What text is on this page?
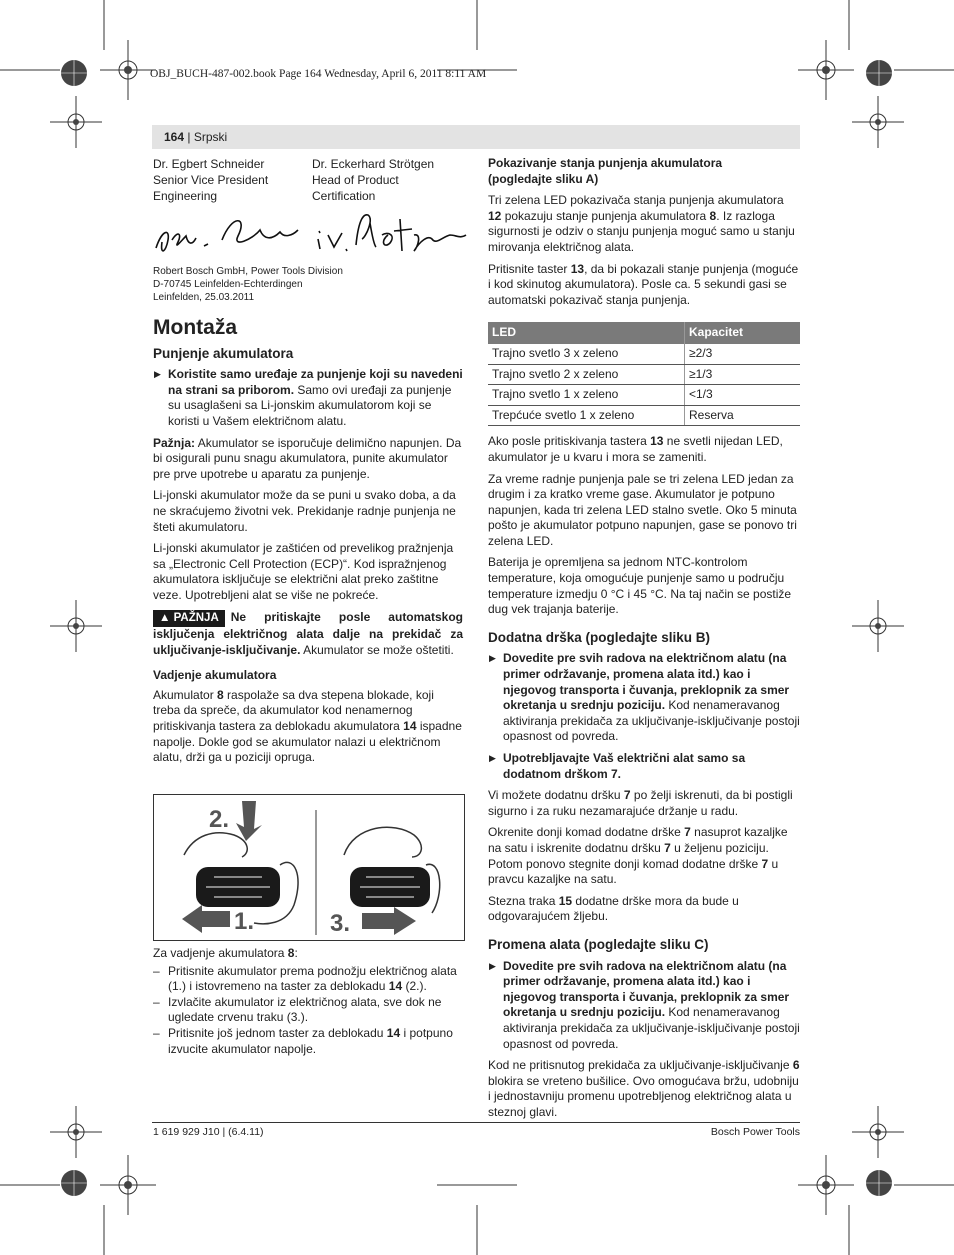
OBJ_BUCH-487-002.book Page 164 Wednesday, April 6, 2011 8:11 AM
164 | Srpski
Dr. Egbert Schneider
Senior Vice President
Engineering
Dr. Eckerhard Strötgen
Head of Product
Certification
Robert Bosch GmbH, Power Tools Division
D-70745 Leinfelden-Echterdingen
Leinfelden, 25.03.2011
Montaža
Punjenje akumulatora
▶ Koristite samo uređaje za punjenje koji su navedeni na strani sa priborom. Samo ovi uređaji za punjenje su usaglašeni sa Li-jonskim akumulatorom koji se koristi u Vašem električnom alatu.

Pažnja: Akumulator se isporučuje delimično napunjen. Da bi osigurali punu snagu akumulatora, punite akumulator pre prve upotrebe u aparatu za punjenje.

Li-jonski akumulator može da se puni u svako doba, a da ne skraćujemo životni vek. Prekidanje radnje punjenja ne šteti akumulatoru.

Li-jonski akumulator je zaštićen od prevelikog pražnjenja sa „Electronic Cell Protection (ECP)“. Kod ispražnjenog akumulatora isključuje se električni alat preko zaštitne veze. Upotrebljeni alat se više ne pokreće.

▲ PAŽNJA Ne pritiskajte posle automatskog isključenja električnog alata dalje na prekidač za uključivanje-isključivanje. Akumulator se može oštetiti.

Vadjenje akumulatora

Akumulator 8 raspolaže sa dva stepena blokade, koji treba da spreče, da akumulator kod nenamernog pritiskivanja tastera za deblokadu akumulatora 14 ispadne napolje. Dokle god se akumulator nalazi u električnom alatu, drži ga u poziciji opruga.

2.
1.	3.

Za vadjenje akumulatora 8:

– Pritisnite akumulator prema podnožju električnog alata (1.) i istovremeno na taster za deblokadu 14 (2.).
– Izvlačite akumulator iz električnog alata, sve dok ne ugledate crvenu traku (3.).
– Pritisnite još jednom taster za deblokadu 14 i potpuno izvucite akumulator napolje.
Pokazivanje stanja punjenja akumulatora
(pogledajte sliku A)

Tri zelena LED pokazivača stanja punjenja akumulatora 12 pokazuju stanje punjenja akumulatora 8. Iz razloga sigurnosti je odziv o stanju punjenja moguć samo u stanju mirovanja električnog alata.

Pritisnite taster 13, da bi pokazali stanje punjenja (moguće i kod skinutog akumulatora). Posle ca. 5 sekundi gasi se automatski pokazivač stanja punjenja.

LED	Kapacitet
Trajno svetlo 3 x zeleno	≥2/3
Trajno svetlo 2 x zeleno	≥1/3
Trajno svetlo 1 x zeleno	<1/3
Trepćuće svetlo 1 x zeleno	Reserva

Ako posle pritiskivanja tastera 13 ne svetli nijedan LED, akumulator je u kvaru i mora se zameniti.

Za vreme radnje punjenja pale se tri zelena LED jedan za drugim i za kratko vreme gase. Akumulator je potpuno napunjen, kada tri zelena LED stalno svetle. Oko 5 minuta pošto je akumulator potpuno napunjen, gase se ponovo tri zelena LED.

Baterija je opremljena sa jednom NTC-kontrolom temperature, koja omogućuje punjenje samo u području temperature izmedju 0 °C i 45 °C. Na taj način se postiže dug vek trajanja baterije.

Dodatna drška (pogledajte sliku B)
▶ Dovedite pre svih radova na električnom alatu (na primer održavanje, promena alata itd.) kao i njegovog transporta i čuvanja, preklopnik za smer okretanja u srednju poziciju. Kod nenameravanog aktiviranja prekidača za uključivanje-isključivanje postoji opasnost od povreda.
▶ Upotrebljavajte Vaš električni alat samo sa dodatnom drškom 7.

Vi možete dodatnu dršku 7 po želji iskrenuti, da bi postigli sigurno i za ruku nezamarajuće držanje u radu.

Okrenite donji komad dodatne drške 7 nasuprot kazaljke na satu i iskrenite dodatnu dršku 7 u željenu poziciju. Potom ponovo stegnite donji komad dodatne drške 7 u pravcu kazaljke na satu.

Stezna traka 15 dodatne drške mora da bude u odgovarajućem žljebu.

Promena alata (pogledajte sliku C)
▶ Dovedite pre svih radova na električnom alatu (na primer održavanje, promena alata itd.) kao i njegovog transporta i čuvanja, preklopnik za smer okretanja u srednju poziciju. Kod nenameravanog aktiviranja prekidača za uključivanje-isključivanje postoji opasnost od povreda.

Kod ne pritisnutog prekidača za uključivanje-isključivanje 6 blokira se vreteno bušilice. Ovo omogućava bržu, udobniju i jednostavniju promenu upotrebljenog električnog alata u steznoj glavi.

1 619 929 J10 | (6.4.11)	Bosch Power Tools
